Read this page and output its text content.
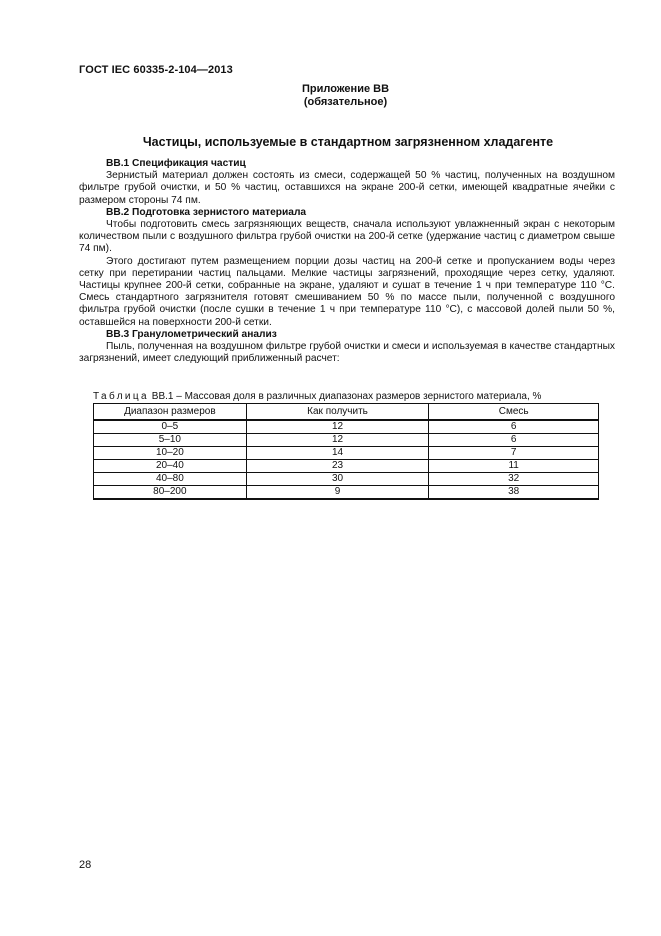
ГОСТ IEC 60335-2-104—2013
Приложение ВВ
(обязательное)
Частицы, используемые в стандартном загрязненном хладагенте
ВВ.1 Спецификация частиц

Зернистый материал должен состоять из смеси, содержащей 50 % частиц, полученных на воздушном фильтре грубой очистки, и 50 % частиц, оставшихся на экране 200-й сетки, имеющей квадратные ячейки с размером стороны 74 пм.

ВВ.2 Подготовка зернистого материала

Чтобы подготовить смесь загрязняющих веществ, сначала используют увлажненный экран с некоторым количеством пыли с воздушного фильтра грубой очистки на 200-й сетке (удержание частиц с диаметром свыше 74 пм).

Этого достигают путем размещением порции дозы частиц на 200-й сетке и пропусканием воды через сетку при перетирании частиц пальцами. Мелкие частицы загрязнений, проходящие через сетку, удаляют. Частицы крупнее 200-й сетки, собранные на экране, удаляют и сушат в течение 1 ч при температуре 110 °С. Смесь стандартного загрязнителя готовят смешиванием 50 % по массе пыли, полученной с воздушного фильтра грубой очистки (после сушки в течение 1 ч при температуре 110 °С), с массовой долей пыли 50 %, оставшейся на поверхности 200-й сетки.

ВВ.3 Гранулометрический анализ

Пыль, полученная на воздушном фильтре грубой очистки и смеси и используемая в качестве стандартных загрязнений, имеет следующий приближенный расчет:

Таблица ВВ.1 – Массовая доля в различных диапазонах размеров зернистого материала, %
Диапазон размеров	Как получить	Смесь
0–5	12	6
5–10	12	6
10–20	14	7
20–40	23	11
40–80	30	32
80–200	9	38
28
